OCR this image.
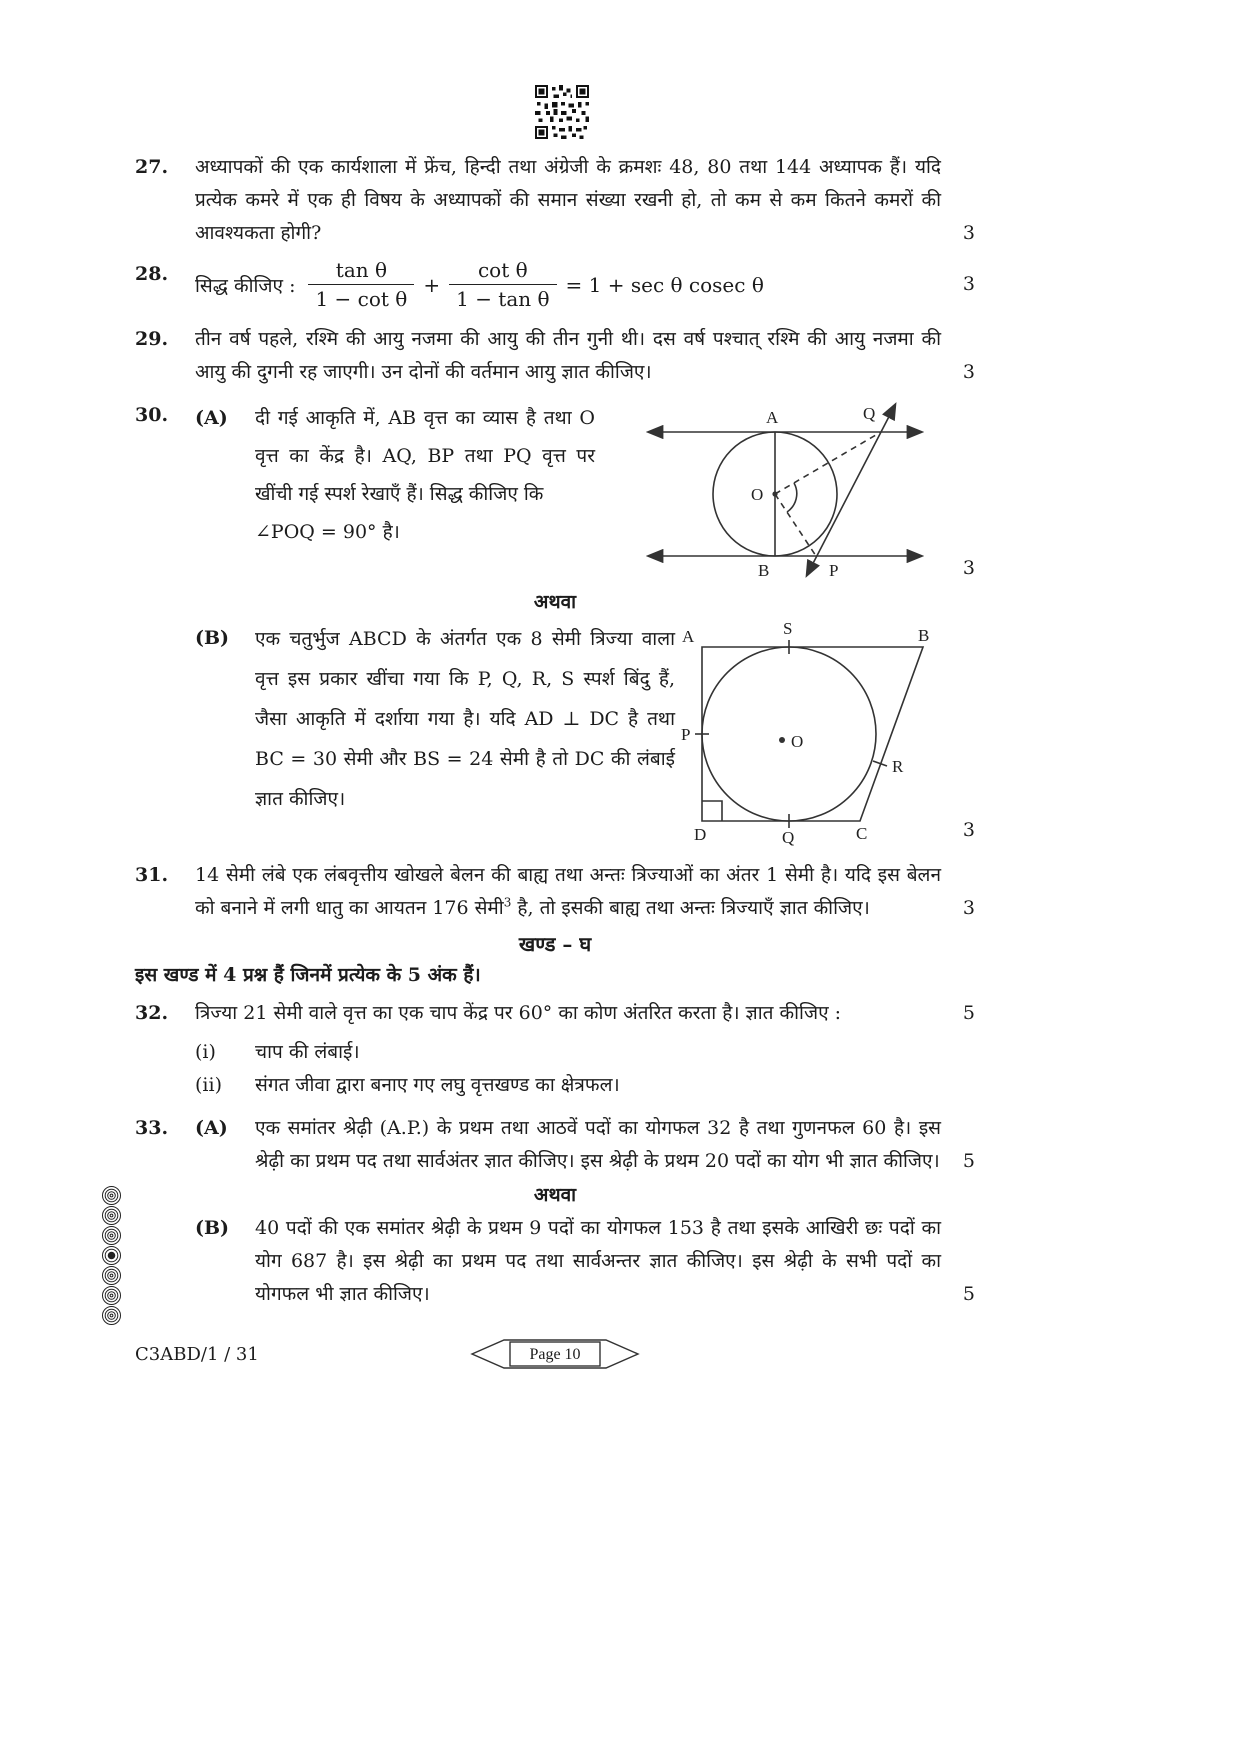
27.	अध्यापकों की एक कार्यशाला में फ्रेंच, हिन्दी तथा अंग्रेजी के क्रमशः 48, 80 तथा 144 अध्यापक हैं। यदि प्रत्येक कमरे में एक ही विषय के अध्यापकों की समान संख्या रखनी हो, तो कम से कम कितने कमरों की आवश्यकता होगी?	3
28.
सिद्ध कीजिए : $\frac{\text{tan θ}}{\text{1 − cot θ}} + \frac{\text{cot θ}}{\text{1 − tan θ}} = 1 + \sec \theta$ cosec θ	3
29.	तीन वर्ष पहले, रश्मि की आयु नजमा की आयु की तीन गुनी थी। दस वर्ष पश्चात् रश्मि की आयु नजमा की आयु की दुगनी रह जाएगी। उन दोनों की वर्तमान आयु ज्ञात कीजिए।	3
30.	(A)	दी गई आकृति में, AB वृत्त का व्यास है तथा O वृत्त का केंद्र है। AQ, BP तथा PQ वृत्त पर खींची गई स्पर्श रेखाएँ हैं। सिद्ध कीजिए कि
∠POQ = 90° है।
A	Q
O
B	P	3
अथवा
(B)	एक चतुर्भुज ABCD के अंतर्गत एक 8 सेमी त्रिज्या वाला वृत्त इस प्रकार खींचा गया कि P, Q, R, S स्पर्श बिंदु हैं, जैसा आकृति में दर्शाया गया है। यदि AD ⊥ DC है तथा BC = 30 सेमी और BS = 24 सेमी है तो DC की लंबाई ज्ञात कीजिए।
A	S	B
P	O
R
D	Q	C	3
31.	14 सेमी लंबे एक लंबवृत्तीय खोखले बेलन की बाह्य तथा अन्तः त्रिज्याओं का अंतर 1 सेमी है। यदि इस बेलन को बनाने में लगी धातु का आयतन 176 सेमी$^3$ है, तो इसकी बाह्य तथा अन्तः त्रिज्याएँ ज्ञात कीजिए।	3
खण्ड – घ
इस खण्ड में 4 प्रश्न हैं जिनमें प्रत्येक के 5 अंक हैं।
32.	त्रिज्या 21 सेमी वाले वृत्त का एक चाप केंद्र पर 60° का कोण अंतरित करता है। ज्ञात कीजिए :	5
(i)	चाप की लंबाई।
(ii)	संगत जीवा द्वारा बनाए गए लघु वृत्तखण्ड का क्षेत्रफल।
33.	(A)	एक समांतर श्रेढ़ी (A.P.) के प्रथम तथा आठवें पदों का योगफल 32 है तथा गुणनफल 60 है। इस श्रेढ़ी का प्रथम पद तथा सार्वअंतर ज्ञात कीजिए। इस श्रेढ़ी के प्रथम 20 पदों का योग भी ज्ञात कीजिए।	5
अथवा
(B)	40 पदों की एक समांतर श्रेढ़ी के प्रथम 9 पदों का योगफल 153 है तथा इसके आखिरी छः पदों का योग 687 है। इस श्रेढ़ी का प्रथम पद तथा सार्वअन्तर ज्ञात कीजिए। इस श्रेढ़ी के सभी पदों का योगफल भी ज्ञात कीजिए।	5
C3ABD/1 / 31	Page 10
